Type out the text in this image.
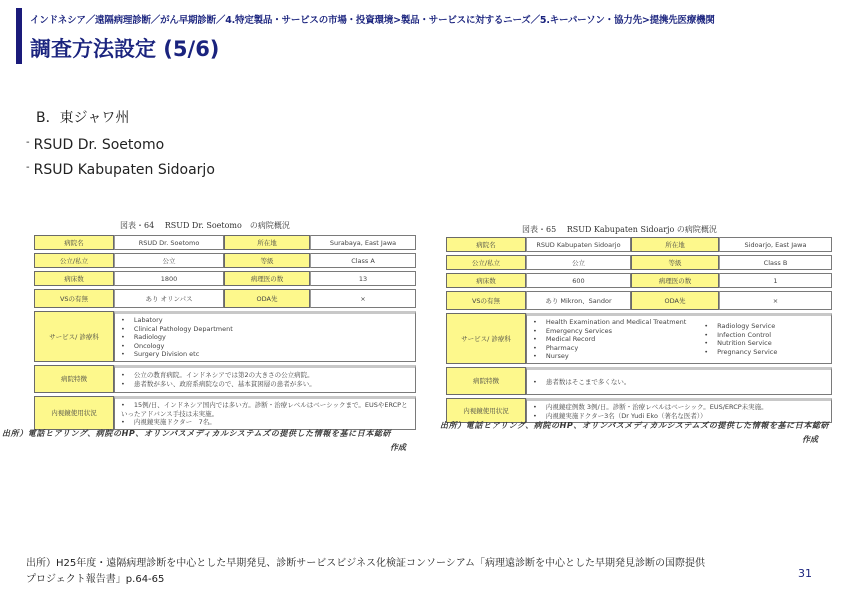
インドネシア／遠隔病理診断／がん早期診断／4.特定製品・サービスの市場・投資環境>製品・サービスに対するニーズ／5.キーパーソン・協力先>提携先医療機関
調査方法設定 (5/6)
B．東ジャワ州
- RSUD Dr. Soetomo
- RSUD Kabupaten Sidoarjo
図表・64　 RSUD Dr. Soetomo　の病院概況
病院名	RSUD Dr. Soetomo	所在地	Surabaya, East Jawa
公立/私立	公立	等級	Class A
病床数	1800	病理医の数	13
VSの有無	あり オリンパス	ODA先	×
サービス/ 診療科	• Labatory
• Clinical Pathology Department
• Radiology
• Oncology
• Surgery Division etc

病院特徴	• 公立の教育病院。インドネシアでは第2の大きさの公立病院。
• 患者数が多い、政府系病院なので、基本貧困層の患者が多い。

内視鏡使用状況	• 15例/日、インドネシア国内では多い方。診断・治療レベルはベーシックまで。EUSやERCPといったアドバンス手技は未実施。
• 内視鏡実施ドクター　7名。
出所）電話ヒアリング、病院のHP、オリンパスメディカルシステムズの提供した情報を基に日本総研
作成
図表・65　 RSUD Kabupaten Sidoarjo の病院概況
病院名	RSUD Kabupaten Sidoarjo	所在地	Sidoarjo, East Jawa
公立/私立	公立	等級	Class B
病床数	600	病理医の数	1
VSの有無	あり Mikron、Sandor	ODA先	×
サービス/ 診療科	
• Health Examination and Medical Treatment
• Emergency Services
• Medical Record
• Pharmacy
• Nursey
• Radiology Service
• Infection Control
• Nutrition Service
• Pregnancy Service

病院特徴	• 患者数はそこまで多くない。

内視鏡使用状況	• 内視鏡症例数 3例/日。診断・治療レベルはベーシック。EUS/ERCP未実施。
• 内視鏡実施ドクター3名（Dr Yudi Eko（著名な医者））
出所）電話ヒアリング、病院のHP、オリンパスメディカルシステムズの提供した情報を基に日本総研
作成
出所）H25年度・遠隔病理診断を中心とした早期発見、診断サービスビジネス化検証コンソーシアム「病理遠診断を中心とした早期発見診断の国際提供
プロジェクト報告書」p.64-65	31
